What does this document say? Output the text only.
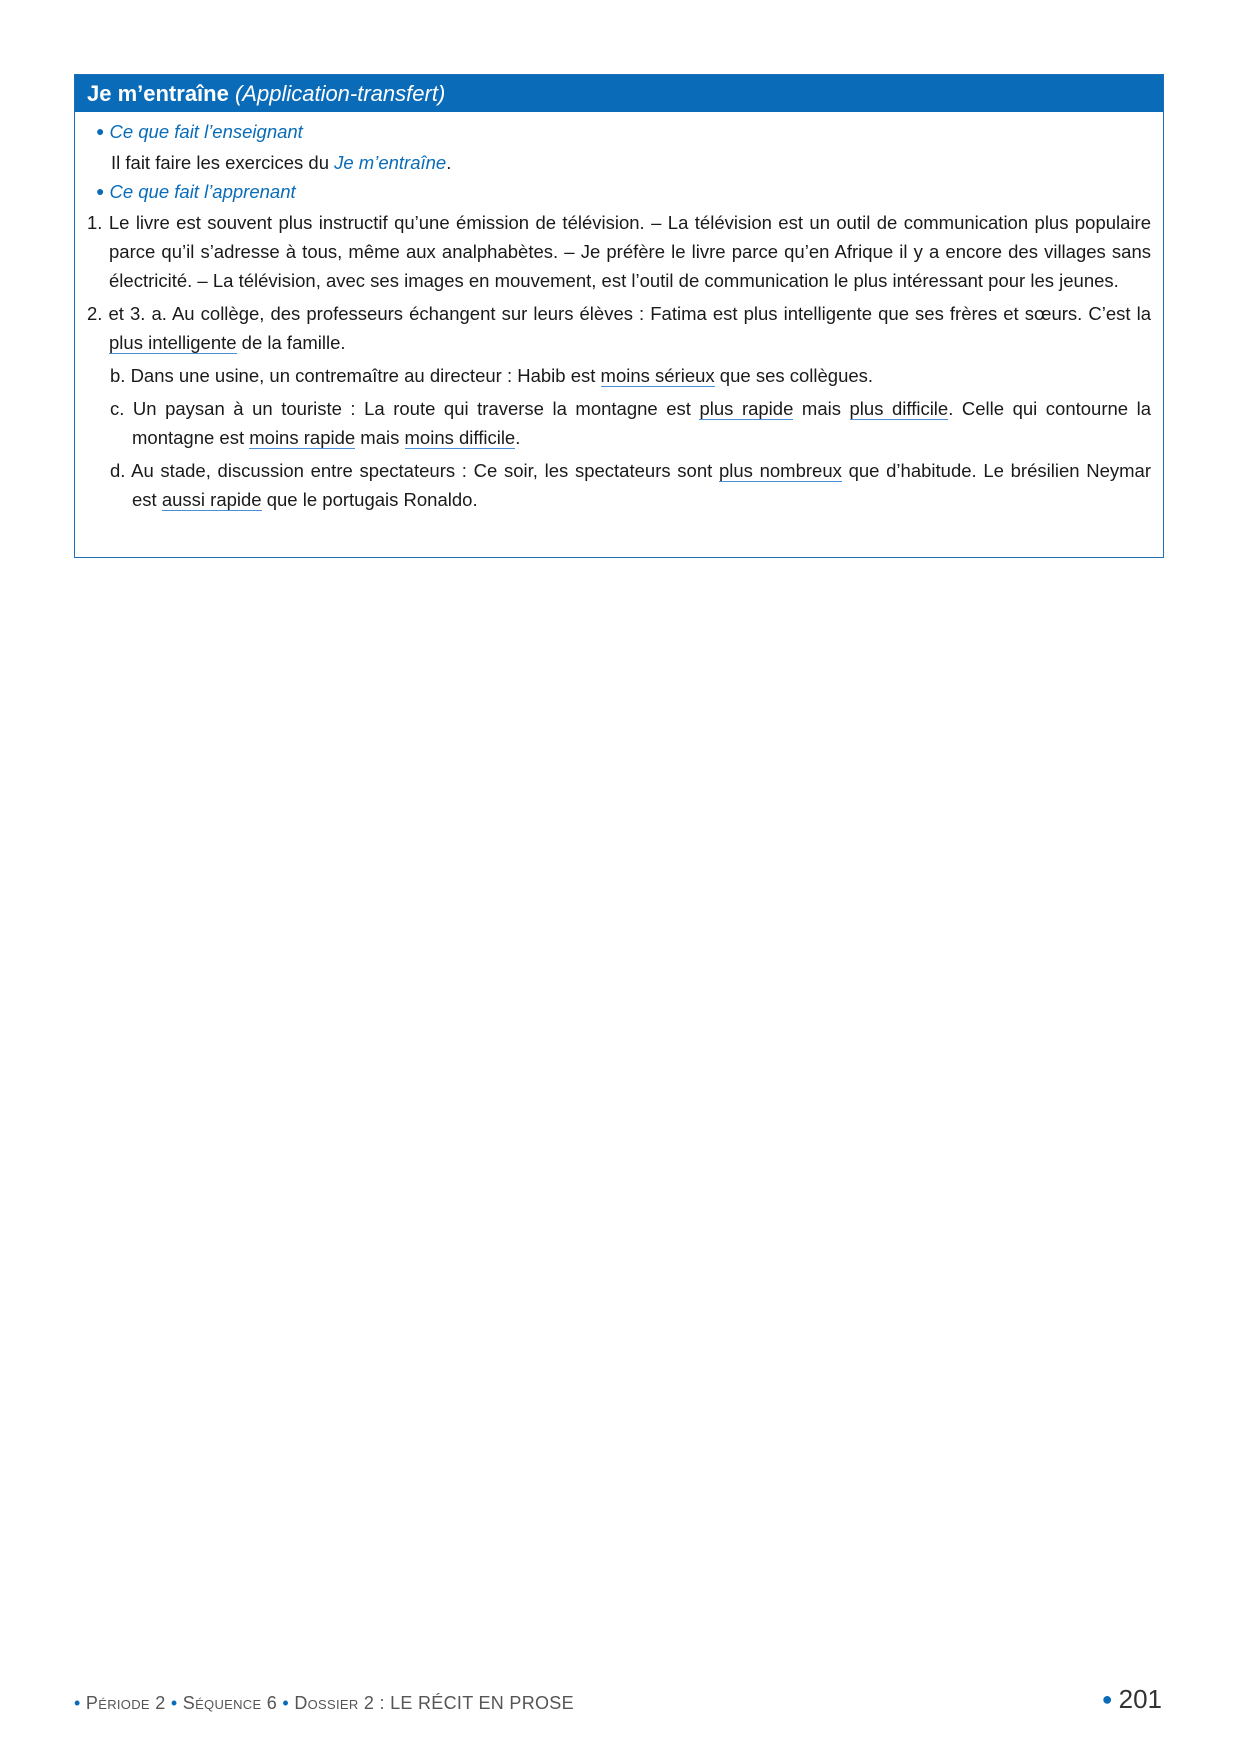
Je m’entraîne (Application-transfert)

● Ce que fait l’enseignant

Il fait faire les exercices du Je m’entraîne.

● Ce que fait l’apprenant

1. Le livre est souvent plus instructif qu’une émission de télévision. – La télévision est un outil de communication plus populaire parce qu’il s’adresse à tous, même aux analphabètes. – Je préfère le livre parce qu’en Afrique il y a encore des villages sans électricité. – La télévision, avec ses images en mouvement, est l’outil de communication le plus intéressant pour les jeunes.

2. et 3. a. Au collège, des professeurs échangent sur leurs élèves : Fatima est plus intelligente que ses frères et sœurs. C’est la plus intelligente de la famille.

b. Dans une usine, un contremaître au directeur : Habib est moins sérieux que ses collègues.

c. Un paysan à un touriste : La route qui traverse la montagne est plus rapide mais plus difficile. Celle qui contourne la montagne est moins rapide mais moins difficile.

d. Au stade, discussion entre spectateurs : Ce soir, les spectateurs sont plus nombreux que d’habitude. Le brésilien Neymar est aussi rapide que le portugais Ronaldo.

• Période 2 • Séquence 6 • Dossier 2 : LE RÉCIT EN PROSE	● 201
